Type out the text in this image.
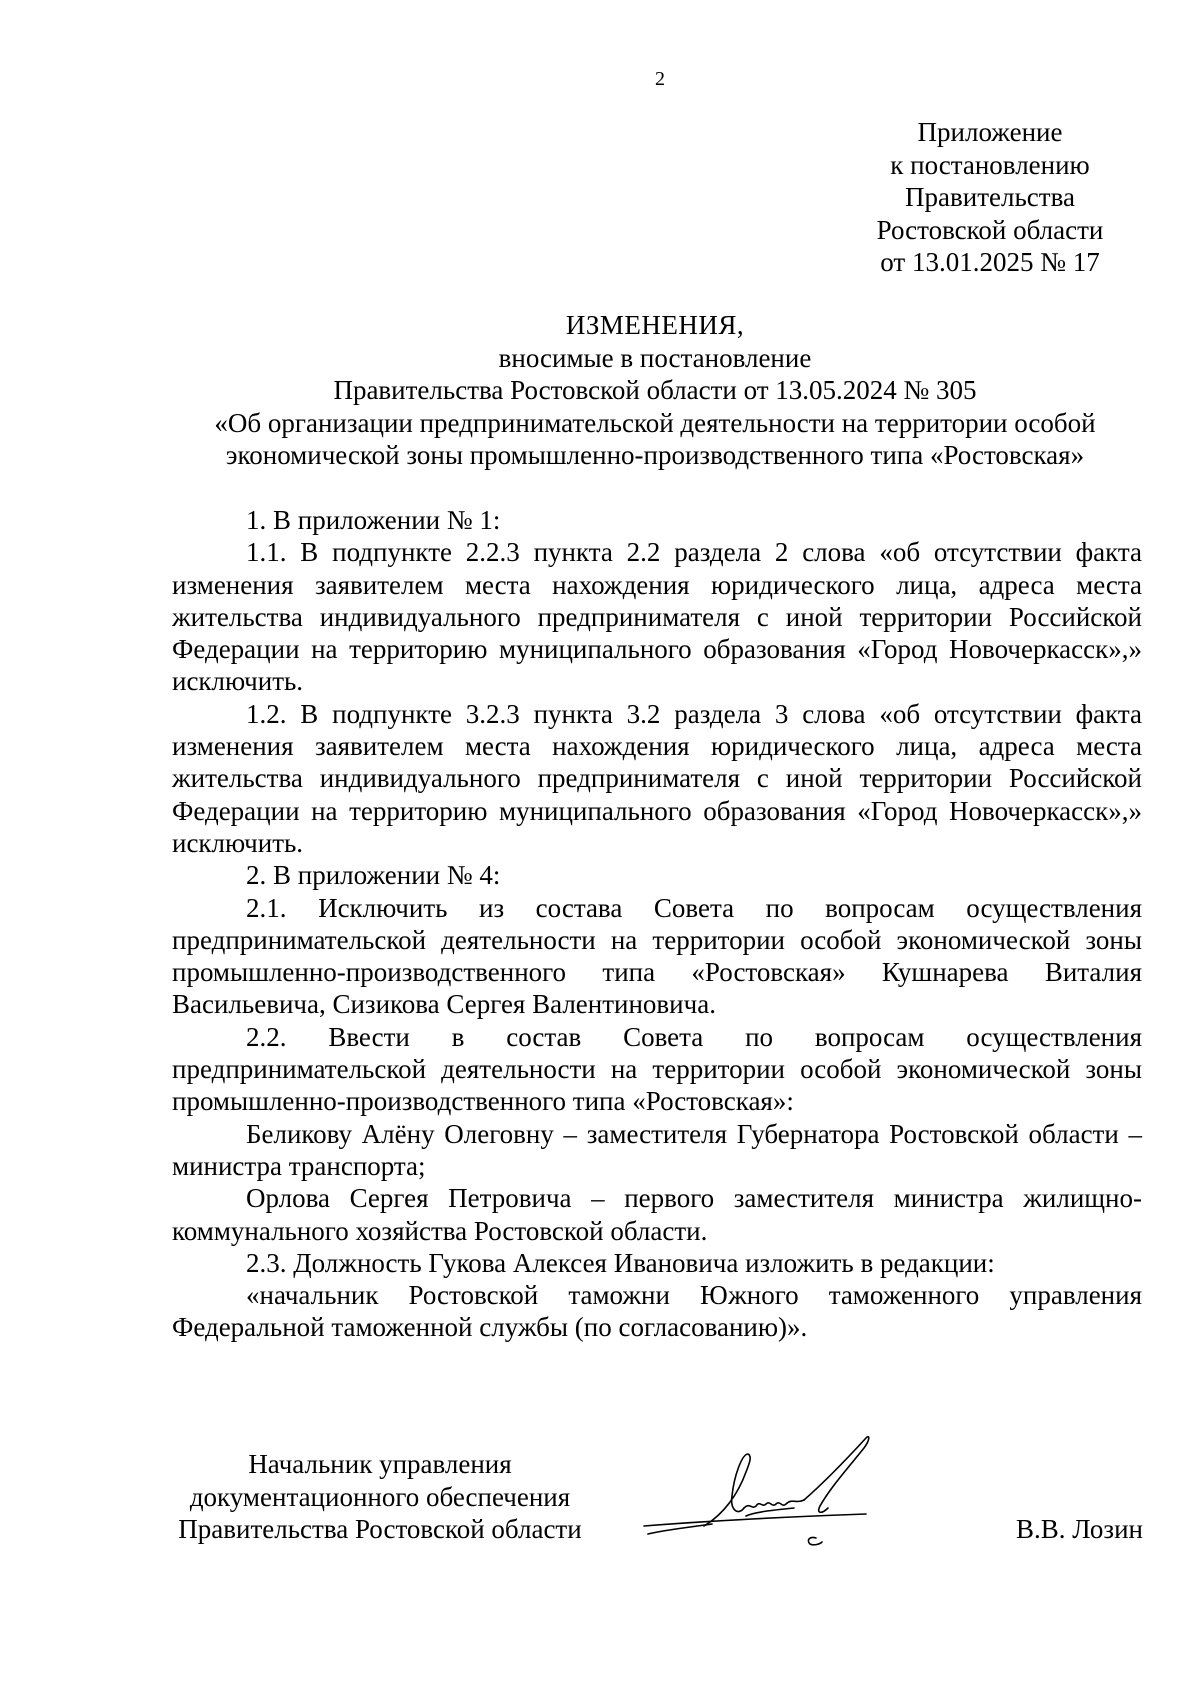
2
Приложение
к постановлению
Правительства
Ростовской области
от 13.01.2025 № 17
ИЗМЕНЕНИЯ,
вносимые в постановление
Правительства Ростовской области от 13.05.2024 № 305
«Об организации предпринимательской деятельности на территории особой
экономической зоны промышленно-производственного типа «Ростовская»

1. В приложении № 1:

1.1. В подпункте 2.2.3 пункта 2.2 раздела 2 слова «об отсутствии факта изменения заявителем места нахождения юридического лица, адреса места жительства индивидуального предпринимателя с иной территории Российской Федерации на территорию муниципального образования «Город Новочеркасск»,» исключить.

1.2. В подпункте 3.2.3 пункта 3.2 раздела 3 слова «об отсутствии факта изменения заявителем места нахождения юридического лица, адреса места жительства индивидуального предпринимателя с иной территории Российской Федерации на территорию муниципального образования «Город Новочеркасск»,» исключить.

2. В приложении № 4:

2.1. Исключить из состава Совета по вопросам осуществления предпринимательской деятельности на территории особой экономической зоны промышленно-производственного типа «Ростовская» Кушнарева Виталия Васильевича, Сизикова Сергея Валентиновича.

2.2. Ввести в состав Совета по вопросам осуществления предпринимательской деятельности на территории особой экономической зоны промышленно-производственного типа «Ростовская»:

Беликову Алёну Олеговну – заместителя Губернатора Ростовской области – министра транспорта;

Орлова Сергея Петровича – первого заместителя министра жилищно-коммунального хозяйства Ростовской области.

2.3. Должность Гукова Алексея Ивановича изложить в редакции:

«начальник Ростовской таможни Южного таможенного управления Федеральной таможенной службы (по согласованию)».

Начальник управления
документационного обеспечения
Правительства Ростовской области	В.В. Лозин
